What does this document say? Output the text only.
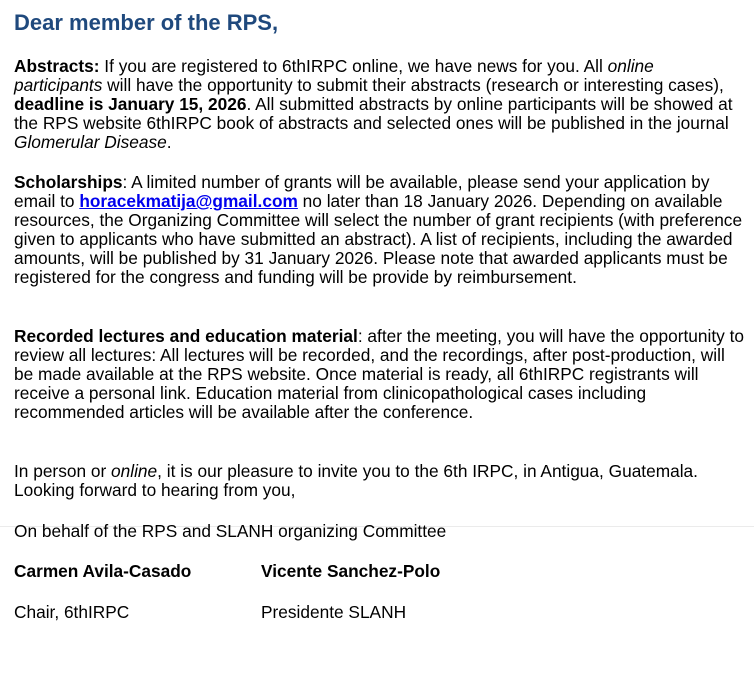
Dear member of the RPS,

Abstracts: If you are registered to 6thIRPC online, we have news for you. All online participants will have the opportunity to submit their abstracts (research or interesting cases), deadline is January 15, 2026. All submitted abstracts by online participants will be showed at the RPS website 6thIRPC book of abstracts and selected ones will be published in the journal Glomerular Disease.

Scholarships: A limited number of grants will be available, please send your application by email to horacekmatija@gmail.com no later than 18 January 2026. Depending on available resources, the Organizing Committee will select the number of grant recipients (with preference given to applicants who have submitted an abstract). A list of recipients, including the awarded amounts, will be published by 31 January 2026. Please note that awarded applicants must be registered for the congress and funding will be provide by reimbursement.

Recorded lectures and education material: after the meeting, you will have the opportunity to review all lectures: All lectures will be recorded, and the recordings, after post-production, will be made available at the RPS website. Once material is ready, all 6thIRPC registrants will receive a personal link. Education material from clinicopathological cases including recommended articles will be available after the conference.

In person or online, it is our pleasure to invite you to the 6th IRPC, in Antigua, Guatemala.  Looking forward to hearing from you,

On behalf of the RPS and SLANH organizing Committee

Carmen Avila-Casado	Vicente Sanchez-Polo

Chair, 6thIRPC	Presidente SLANH
